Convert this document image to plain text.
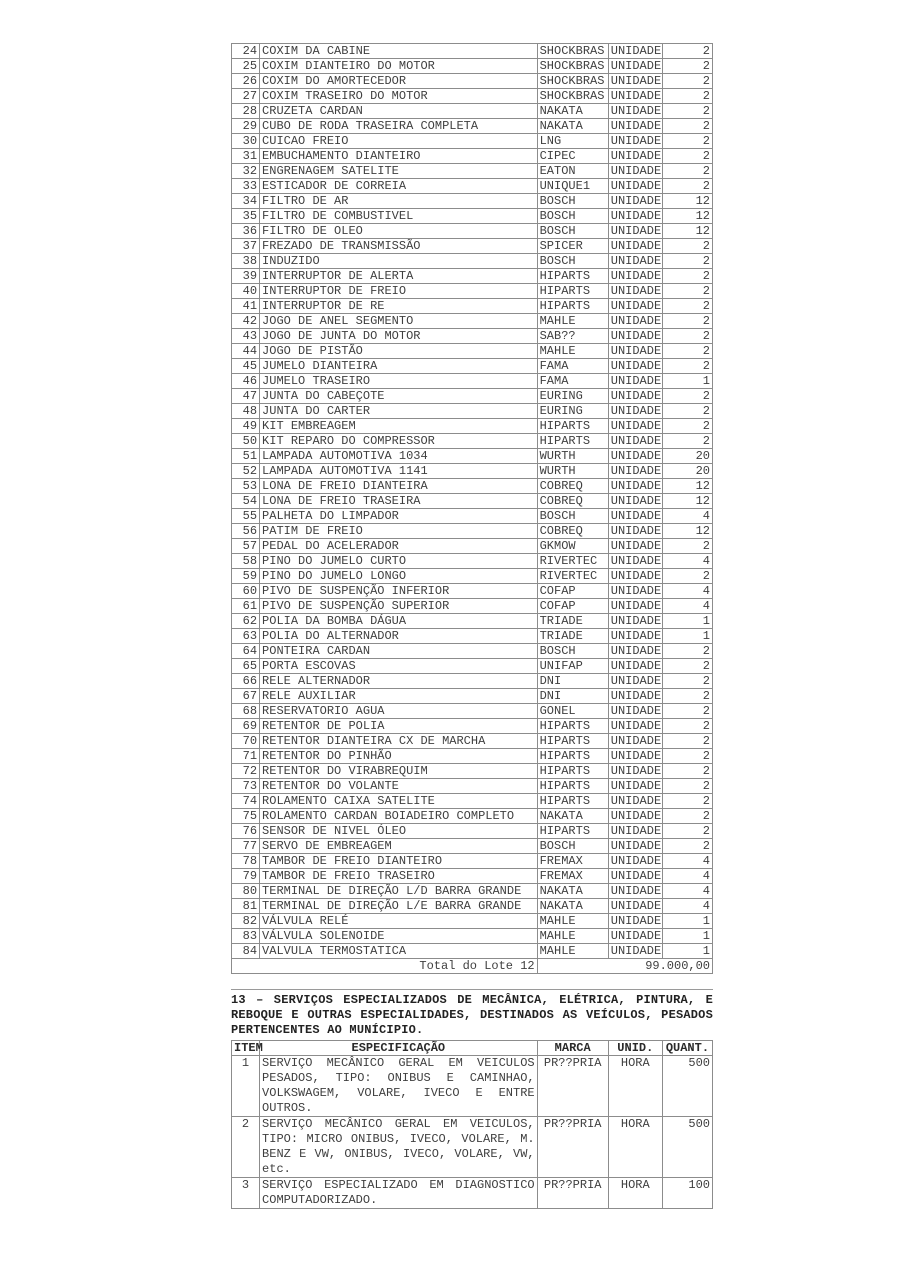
24	COXIM DA CABINE	SHOCKBRAS	UNIDADE	2
25	COXIM DIANTEIRO DO MOTOR	SHOCKBRAS	UNIDADE	2
26	COXIM DO AMORTECEDOR	SHOCKBRAS	UNIDADE	2
27	COXIM TRASEIRO DO MOTOR	SHOCKBRAS	UNIDADE	2
28	CRUZETA CARDAN	NAKATA	UNIDADE	2
29	CUBO DE RODA TRASEIRA COMPLETA	NAKATA	UNIDADE	2
30	CUICAO FREIO	LNG	UNIDADE	2
31	EMBUCHAMENTO DIANTEIRO	CIPEC	UNIDADE	2
32	ENGRENAGEM SATELITE	EATON	UNIDADE	2
33	ESTICADOR DE CORREIA	UNIQUE1	UNIDADE	2
34	FILTRO DE AR	BOSCH	UNIDADE	12
35	FILTRO DE COMBUSTIVEL	BOSCH	UNIDADE	12
36	FILTRO DE OLEO	BOSCH	UNIDADE	12
37	FREZADO DE TRANSMISSÃO	SPICER	UNIDADE	2
38	INDUZIDO	BOSCH	UNIDADE	2
39	INTERRUPTOR DE ALERTA	HIPARTS	UNIDADE	2
40	INTERRUPTOR DE FREIO	HIPARTS	UNIDADE	2
41	INTERRUPTOR DE RE	HIPARTS	UNIDADE	2
42	JOGO DE ANEL SEGMENTO	MAHLE	UNIDADE	2
43	JOGO DE JUNTA DO MOTOR	SAB??	UNIDADE	2
44	JOGO DE PISTÃO	MAHLE	UNIDADE	2
45	JUMELO DIANTEIRA	FAMA	UNIDADE	2
46	JUMELO TRASEIRO	FAMA	UNIDADE	1
47	JUNTA DO CABEÇOTE	EURING	UNIDADE	2
48	JUNTA DO CARTER	EURING	UNIDADE	2
49	KIT EMBREAGEM	HIPARTS	UNIDADE	2
50	KIT REPARO DO COMPRESSOR	HIPARTS	UNIDADE	2
51	LAMPADA AUTOMOTIVA 1034	WURTH	UNIDADE	20
52	LAMPADA AUTOMOTIVA 1141	WURTH	UNIDADE	20
53	LONA DE FREIO DIANTEIRA	COBREQ	UNIDADE	12
54	LONA DE FREIO TRASEIRA	COBREQ	UNIDADE	12
55	PALHETA DO LIMPADOR	BOSCH	UNIDADE	4
56	PATIM DE FREIO	COBREQ	UNIDADE	12
57	PEDAL DO ACELERADOR	GKMOW	UNIDADE	2
58	PINO DO JUMELO CURTO	RIVERTEC	UNIDADE	4
59	PINO DO JUMELO LONGO	RIVERTEC	UNIDADE	2
60	PIVO DE SUSPENÇÃO INFERIOR	COFAP	UNIDADE	4
61	PIVO DE SUSPENÇÃO SUPERIOR	COFAP	UNIDADE	4
62	POLIA DA BOMBA DÁGUA	TRIADE	UNIDADE	1
63	POLIA DO ALTERNADOR	TRIADE	UNIDADE	1
64	PONTEIRA CARDAN	BOSCH	UNIDADE	2
65	PORTA ESCOVAS	UNIFAP	UNIDADE	2
66	RELE ALTERNADOR	DNI	UNIDADE	2
67	RELE AUXILIAR	DNI	UNIDADE	2
68	RESERVATORIO AGUA	GONEL	UNIDADE	2
69	RETENTOR DE POLIA	HIPARTS	UNIDADE	2
70	RETENTOR DIANTEIRA CX DE MARCHA	HIPARTS	UNIDADE	2
71	RETENTOR DO PINHÃO	HIPARTS	UNIDADE	2
72	RETENTOR DO VIRABREQUIM	HIPARTS	UNIDADE	2
73	RETENTOR DO VOLANTE	HIPARTS	UNIDADE	2
74	ROLAMENTO CAIXA SATELITE	HIPARTS	UNIDADE	2
75	ROLAMENTO CARDAN BOIADEIRO COMPLETO	NAKATA	UNIDADE	2
76	SENSOR DE NIVEL ÓLEO	HIPARTS	UNIDADE	2
77	SERVO DE EMBREAGEM	BOSCH	UNIDADE	2
78	TAMBOR DE FREIO DIANTEIRO	FREMAX	UNIDADE	4
79	TAMBOR DE FREIO TRASEIRO	FREMAX	UNIDADE	4
80	TERMINAL DE DIREÇÃO L/D BARRA GRANDE	NAKATA	UNIDADE	4
81	TERMINAL DE DIREÇÃO L/E BARRA GRANDE	NAKATA	UNIDADE	4
82	VÁLVULA RELÉ	MAHLE	UNIDADE	1
83	VÁLVULA SOLENOIDE	MAHLE	UNIDADE	1
84	VALVULA TERMOSTATICA	MAHLE	UNIDADE	1
Total do Lote 12		99.000,00		

13 – SERVIÇOS ESPECIALIZADOS DE MECÂNICA, ELÉTRICA, PINTURA, E REBOQUE E OUTRAS ESPECIALIDADES, DESTINADOS AS VEÍCULOS, PESADOS PERTENCENTES AO MUNÍCIPIO.

ITEM	ESPECIFICAÇÃO	MARCA	UNID.	QUANT.
1	SERVIÇO MECÂNICO GERAL EM VEICULOS PESADOS, TIPO: ONIBUS E CAMINHAO, VOLKSWAGEM, VOLARE, IVECO E ENTRE OUTROS.	PR??PRIA	HORA	500
2	SERVIÇO MECÂNICO GERAL EM VEICULOS, TIPO: MICRO ONIBUS, IVECO, VOLARE, M. BENZ E VW, ONIBUS, IVECO, VOLARE, VW, etc.	PR??PRIA	HORA	500
3	SERVIÇO ESPECIALIZADO EM DIAGNOSTICO COMPUTADORIZADO.	PR??PRIA	HORA	100
